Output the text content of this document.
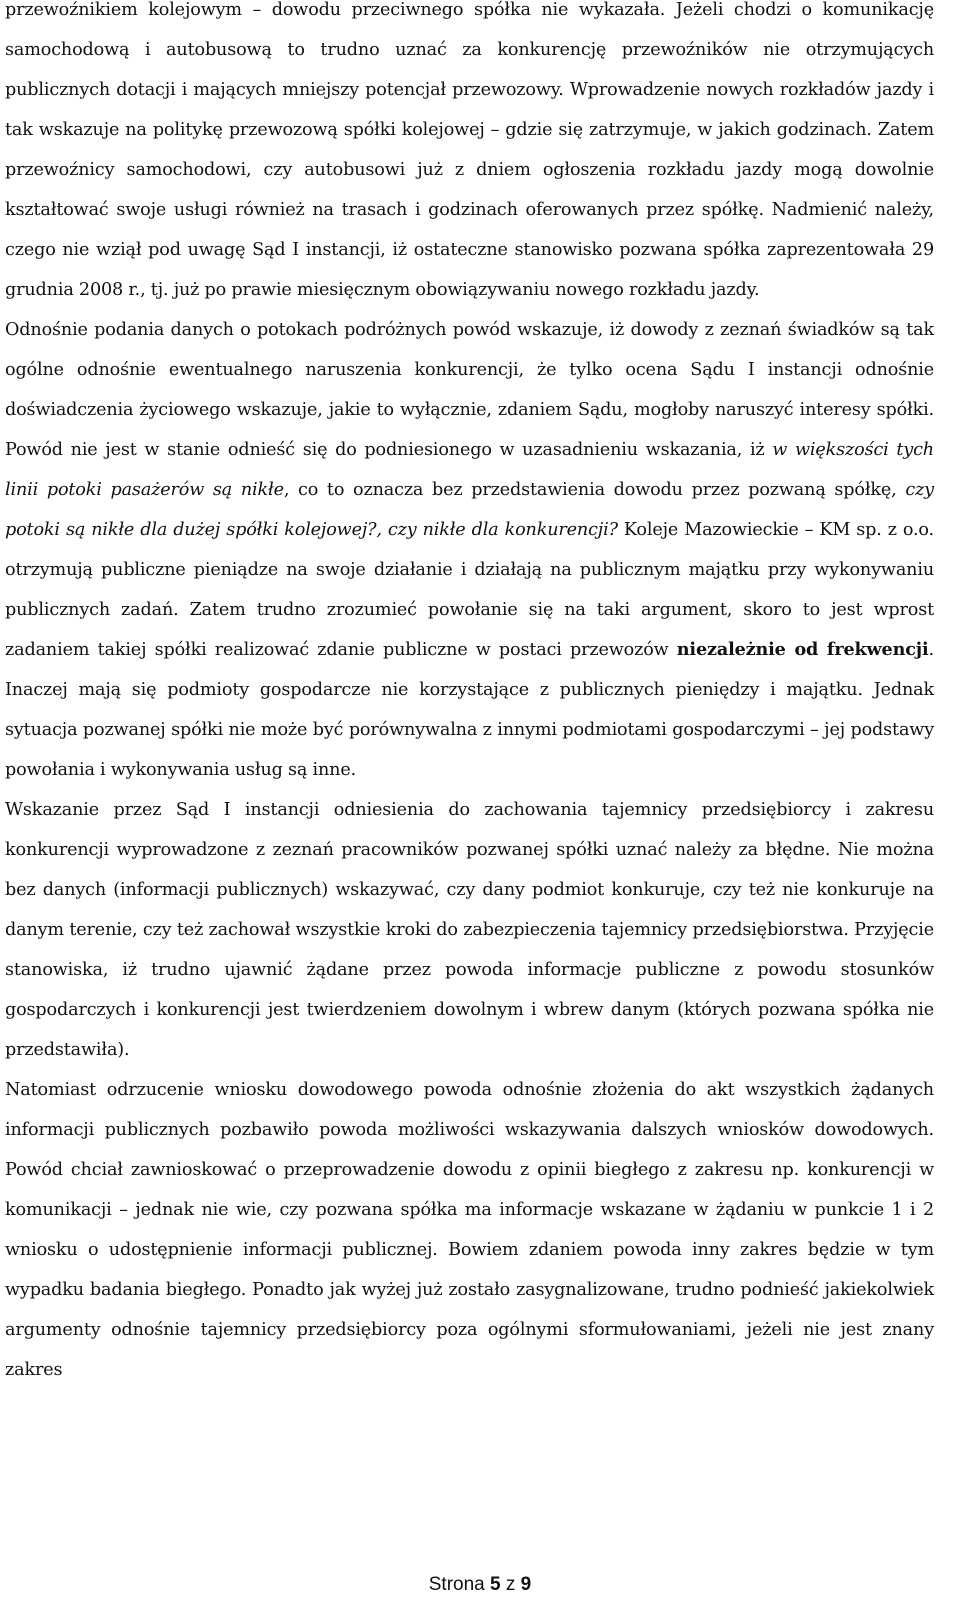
przewoźnikiem kolejowym – dowodu przeciwnego spółka nie wykazała. Jeżeli chodzi o komunikację samochodową i autobusową to trudno uznać za konkurencję przewoźników nie otrzymujących publicznych dotacji i mających mniejszy potencjał przewozowy. Wprowadzenie nowych rozkładów jazdy i tak wskazuje na politykę przewozową spółki kolejowej – gdzie się zatrzymuje, w jakich godzinach. Zatem przewoźnicy samochodowi, czy autobusowi już z dniem ogłoszenia rozkładu jazdy mogą dowolnie kształtować swoje usługi również na trasach i godzinach oferowanych przez spółkę. Nadmienić należy, czego nie wziął pod uwagę Sąd I instancji, iż ostateczne stanowisko pozwana spółka zaprezentowała 29 grudnia 2008 r., tj. już po prawie miesięcznym obowiązywaniu nowego rozkładu jazdy.

Odnośnie podania danych o potokach podróżnych powód wskazuje, iż dowody z zeznań świadków są tak ogólne odnośnie ewentualnego naruszenia konkurencji, że tylko ocena Sądu I instancji odnośnie doświadczenia życiowego wskazuje, jakie to wyłącznie, zdaniem Sądu, mogłoby naruszyć interesy spółki. Powód nie jest w stanie odnieść się do podniesionego w uzasadnieniu wskazania, iż w większości tych linii potoki pasażerów są nikłe, co to oznacza bez przedstawienia dowodu przez pozwaną spółkę, czy potoki są nikłe dla dużej spółki kolejowej?, czy nikłe dla konkurencji? Koleje Mazowieckie – KM sp. z o.o. otrzymują publiczne pieniądze na swoje działanie i działają na publicznym majątku przy wykonywaniu publicznych zadań. Zatem trudno zrozumieć powołanie się na taki argument, skoro to jest wprost zadaniem takiej spółki realizować zdanie publiczne w postaci przewozów niezależnie od frekwencji. Inaczej mają się podmioty gospodarcze nie korzystające z publicznych pieniędzy i majątku. Jednak sytuacja pozwanej spółki nie może być porównywalna z innymi podmiotami gospodarczymi – jej podstawy powołania i wykonywania usług są inne.

Wskazanie przez Sąd I instancji odniesienia do zachowania tajemnicy przedsiębiorcy i zakresu konkurencji wyprowadzone z zeznań pracowników pozwanej spółki uznać należy za błędne. Nie można bez danych (informacji publicznych) wskazywać, czy dany podmiot konkuruje, czy też nie konkuruje na danym terenie, czy też zachował wszystkie kroki do zabezpieczenia tajemnicy przedsiębiorstwa. Przyjęcie stanowiska, iż trudno ujawnić żądane przez powoda informacje publiczne z powodu stosunków gospodarczych i konkurencji jest twierdzeniem dowolnym i wbrew danym (których pozwana spółka nie przedstawiła).

Natomiast odrzucenie wniosku dowodowego powoda odnośnie złożenia do akt wszystkich żądanych informacji publicznych pozbawiło powoda możliwości wskazywania dalszych wniosków dowodowych. Powód chciał zawnioskować o przeprowadzenie dowodu z opinii biegłego z zakresu np. konkurencji w komunikacji – jednak nie wie, czy pozwana spółka ma informacje wskazane w żądaniu w punkcie 1 i 2 wniosku o udostępnienie informacji publicznej. Bowiem zdaniem powoda inny zakres będzie w tym wypadku badania biegłego. Ponadto jak wyżej już zostało zasygnalizowane, trudno podnieść jakiekolwiek argumenty odnośnie tajemnicy przedsiębiorcy poza ogólnymi sformułowaniami, jeżeli nie jest znany zakres

Strona 5 z 9
